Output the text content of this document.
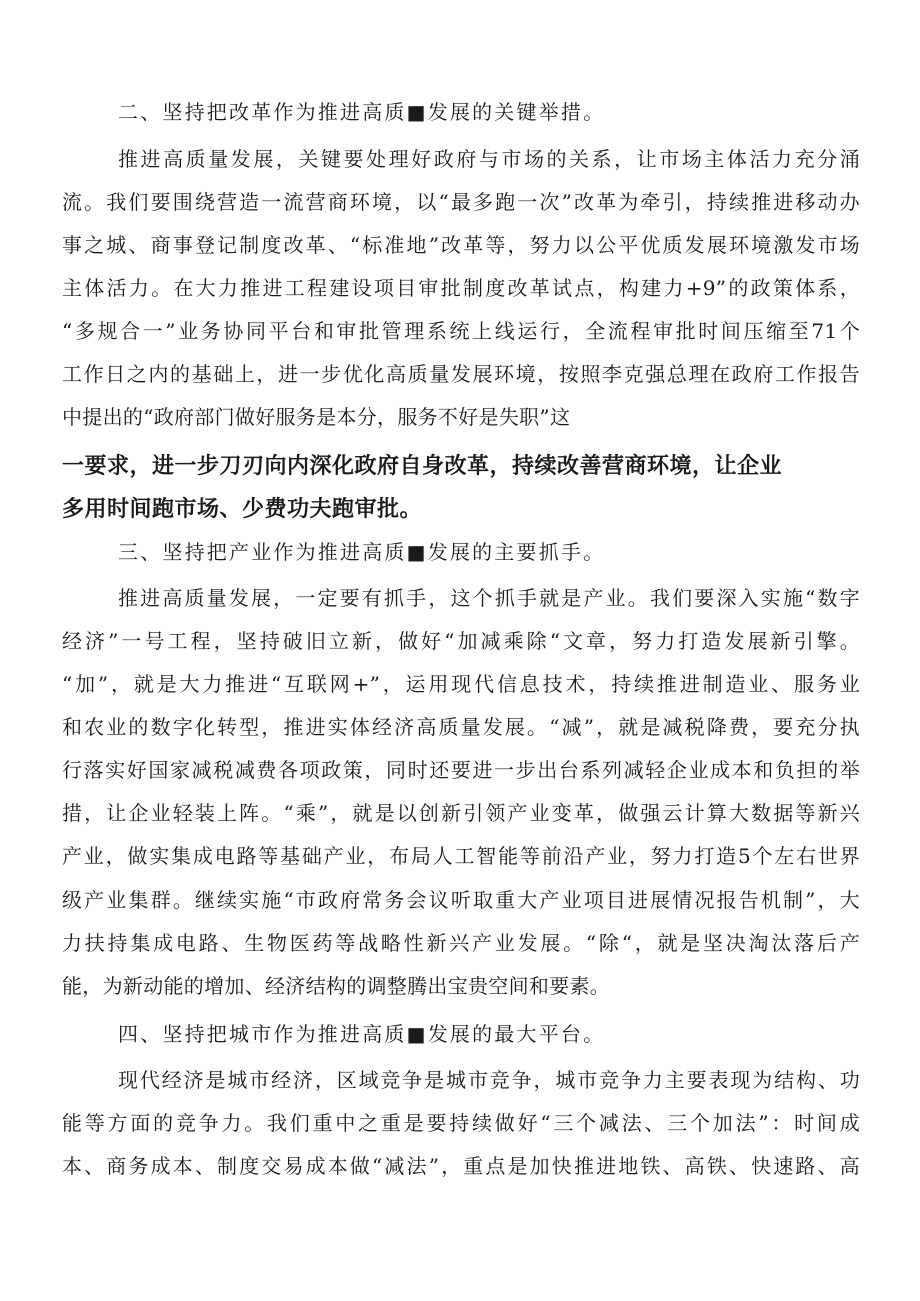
二、坚持把改革作为推进高质■发展的关键举措。

推进高质量发展，关键要处理好政府与市场的关系，让市场主体活力充分涌

流。我们要围绕营造一流营商环境，以“最多跑一次”改革为牵引，持续推进移动办

事之城、商事登记制度改革、“标准地”改革等，努力以公平优质发展环境激发市场

主体活力。在大力推进工程建设项目审批制度改革试点，构建力+9”的政策体系，

“多规合一”业务协同平台和审批管理系统上线运行，全流程审批时间压缩至71个

工作日之内的基础上，进一步优化高质量发展环境，按照李克强总理在政府工作报告

中提出的“政府部门做好服务是本分，服务不好是失职”这

一要求，进一步刀刃向内深化政府自身改革，持续改善营商环境，让企业

多用时间跑市场、少费功夫跑审批。

三、坚持把产业作为推进高质■发展的主要抓手。

推进高质量发展，一定要有抓手，这个抓手就是产业。我们要深入实施“数字

经济”一号工程，坚持破旧立新，做好“加减乘除“文章，努力打造发展新引擎。

“加”，就是大力推进“互联网+”，运用现代信息技术，持续推进制造业、服务业

和农业的数字化转型，推进实体经济高质量发展。“减”，就是减税降费，要充分执

行落实好国家减税减费各项政策，同时还要进一步出台系列减轻企业成本和负担的举

措，让企业轻装上阵。“乘”，就是以创新引领产业变革，做强云计算大数据等新兴

产业，做实集成电路等基础产业，布局人工智能等前沿产业，努力打造5个左右世界

级产业集群。继续实施“市政府常务会议听取重大产业项目进展情况报告机制”，大

力扶持集成电路、生物医药等战略性新兴产业发展。“除“，就是坚决淘汰落后产

能，为新动能的增加、经济结构的调整腾出宝贵空间和要素。

四、坚持把城市作为推进高质■发展的最大平台。

现代经济是城市经济，区域竞争是城市竞争，城市竞争力主要表现为结构、功

能等方面的竞争力。我们重中之重是要持续做好“三个减法、三个加法”：时间成

本、商务成本、制度交易成本做“减法”，重点是加快推进地铁、高铁、快速路、高
